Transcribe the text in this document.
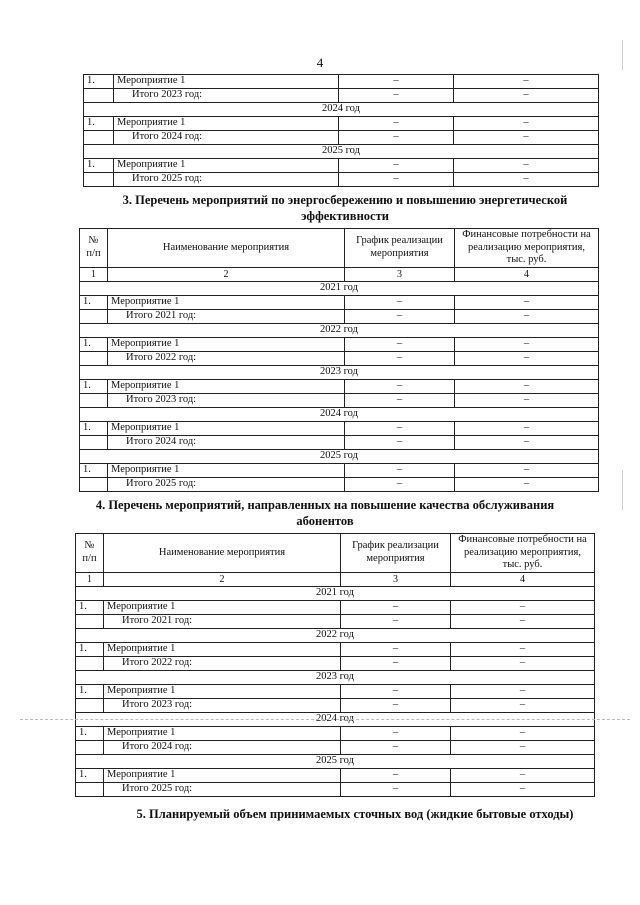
4
1.	Мероприятие 1	–	–
	Итого 2023 год:	–	–
2024 год			
1.	Мероприятие 1	–	–
	Итого 2024 год:	–	–
2025 год			
1.	Мероприятие 1	–	–
	Итого 2025 год:	–	–
3. Перечень мероприятий по энергосбережению и повышению энергетической эффективности
№ п/п	Наименование мероприятия	График реализации мероприятия	Финансовые потребности на реализацию мероприятия, тыс. руб.
1	2	3	4
2021 год			
1.	Мероприятие 1	–	–
	Итого 2021 год:	–	–
2022 год			
1.	Мероприятие 1	–	–
	Итого 2022 год:	–	–
2023 год			
1.	Мероприятие 1	–	–
	Итого 2023 год:	–	–
2024 год			
1.	Мероприятие 1	–	–
	Итого 2024 год:	–	–
2025 год			
1.	Мероприятие 1	–	–
	Итого 2025 год:	–	–
4. Перечень мероприятий, направленных на повышение качества обслуживания абонентов
№ п/п	Наименование мероприятия	График реализации мероприятия	Финансовые потребности на реализацию мероприятия, тыс. руб.
1	2	3	4
2021 год			
1.	Мероприятие 1	–	–
	Итого 2021 год:	–	–
2022 год			
1.	Мероприятие 1	–	–
	Итого 2022 год:	–	–
2023 год			
1.	Мероприятие 1	–	–
	Итого 2023 год:	–	–
2024 год			
1.	Мероприятие 1	–	–
	Итого 2024 год:	–	–
2025 год			
1.	Мероприятие 1	–	–
	Итого 2025 год:	–	–
5. Планируемый объем принимаемых сточных вод (жидкие бытовые отходы)
